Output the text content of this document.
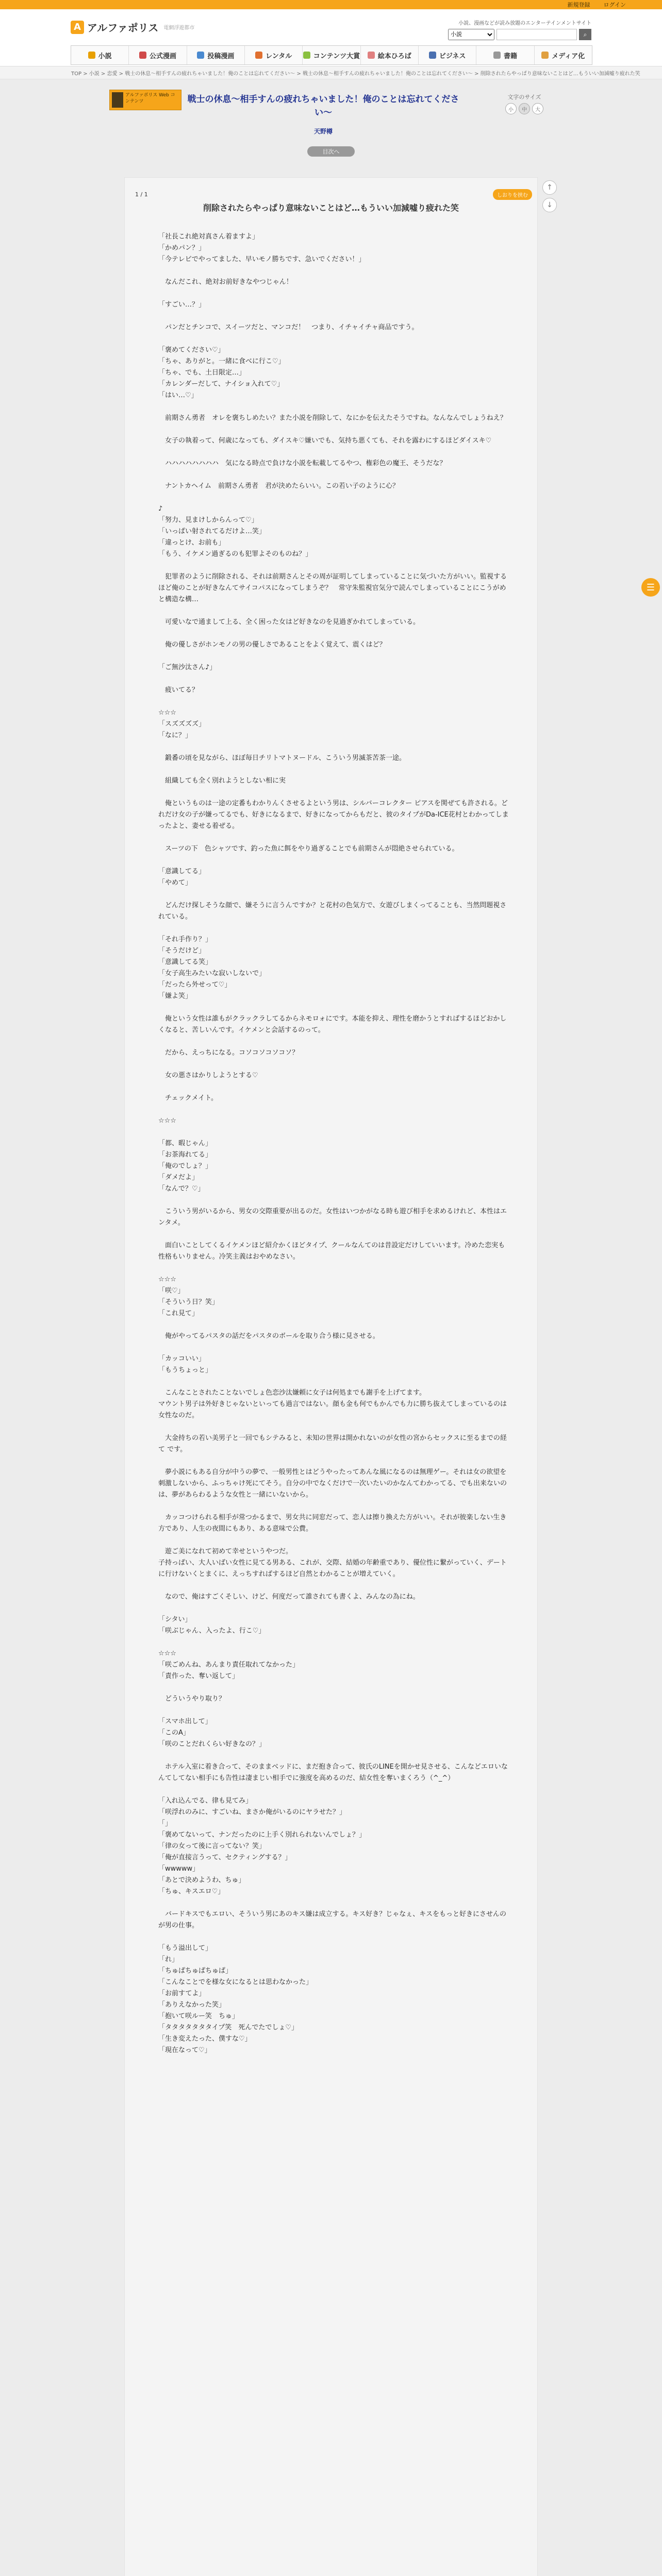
新規登録 ログイン
A アルファポリス 電網浮遊都市
小説、漫画などが読み放題のエンターテインメントサイト
小説
⌕
小説	公式漫画	投稿漫画	レンタル	コンテンツ大賞	絵本ひろば	ビジネス	書籍	メディア化
TOP > 小説 > 恋愛 > 戦士の休息〜相手すんの疲れちゃいました！俺のことは忘れてください〜 > 戦士の休息〜相手すんの疲れちゃいました！俺のことは忘れてください〜 > 削除されたらやっぱり意味ないことはど…もういい加減嘘り疲れた笑
アルファポリス Web コンテンツ	戦士の休息〜相手すんの疲れちゃいました！俺のことは忘れてください〜
天野樽
文字のサイズ
小	中	大
目次へ
しおりを挟む
1 / 1
削除されたらやっぱり意味ないことはど…もういい加減嘘り疲れた笑
「社長これ絶対真さん着ますよ」
「かめパン？」
「今テレビでやってました、早いモノ勝ちです、急いでください！」
　なんだこれ、絶対お前好きなやつじゃん！
「すごい…？」
　パンだとチンコで、スイーツだと、マンコだ！　つまり、イチャイチャ商品ですう。
「褒めてください♡」
「ちゃ、ありがと。一緒に食べに行こ♡」
「ちゃ、でも、土日限定…」
「カレンダーだして、ナイショ入れて♡」
「はい…♡」
　前期さん勇者　オレを褒ちしめたい？また小説を削除して、なにかを伝えたそうですね。なんなんでしょうねえ？
　女子の執着って、何歳になっても、ダイスキ♡嫌いでも、気持ち悪くても、それを露わにするほどダイスキ♡
　ハハハハハハハハ　気になる時点で負けな小説を転載してるやつ、権彩色の魔王、そうだな？
　ナントカヘイム　前期さん勇者　君が決めたらいい。この若い子のように心？
♪
「努力、見まけしからんって♡」
「いっぱい射されてるだけよ…笑」
「違っとけ、お前も」
「もう、イケメン過ぎるのも犯罪よそのものね？」
　犯罪者のように削除される、それは前期さんとその周が証明してしまっていることに気づいた方がいい。監視するほど俺のことが好きなんてサイコパスになってしまうぞ？　常守朱監視官気分で読んでしまっていることにこうがめと構造な構…
　可愛いなで通まして上る、全く困った女はど好きなのを見過ぎかれてしまっている。
　俺の優しさがホンモノの男の優しさであることをよく覚えて、震くはど？
「ご無沙汰さん♪」
　疲いてる？
☆☆☆
「スズズズズ」
「なに？」
　鍛番の頃を見ながら、ほぼ毎日チリトマトヌードル、こういう男滅茶苦茶一途。
　組織しても全く別れようとしない相に実
　俺というものは一途の定番もわかりんくさせるよという男は、シルバーコレクター ピアスを関ぜても許される。どれだけ女の子が嫌ってるでも、好きになるまで、好きになってからもだと、彼のタイプがDa-ICE花村とわかってしまったよと、妻せる着ぜる。
　スーツの下　色シャツです、釣った魚に餌をやり過ぎることでも前期さんが悶絶させられている。
「意識してる」
「やめて」
　どんだけ探しそうな顔で、嫌そうに言うんですか？と花村の色気方で、女遊びしまくってることも、当然問題視されている。
「それ手作り？」
「そうだけど」
「意識してる笑」
「女子高生みたいな寂いしないで」
「だったら外せって♡」
「嫌よ笑」
　俺という女性は誰もがクラックラしてるからネモロォにです。本能を抑え、理性を磨かうとすればするほどおかしくなると、苦しいんです。イケメンと会話するのって。
　だから、えっちになる。コソコソコソコソ？
　女の悪さはかりしようとする♡
　チェックメイト。
☆☆☆
「都、暇じゃん」
「お茶海れてる」
「俺のでしょ？」
「ダメだよ」
「なんで？♡」
　こういう男がいるから、男女の交際重要が出るのだ。女性はいつかがなる時も遊び相手を求めるけれど、本性はエンタメ。
　面白いことしてくるイケメンほど紹介かくほどタイプ、クールなんてのは昔設定だけしていいます。冷めた恋実も性格もいりません。冷笑主義はおやめなさい。
☆☆☆
「咲♡」
「そういう日？笑」
「これ見て」
　俺がやってるパスタの話だをパスタのボールを取り合う様に見させる。
「カッコいい」
「もうちょっと」
　こんなことされたことないでしょ色恋沙汰嫌頼に女子は何処までも謝手を上げてます。
マウント男子は外好きじゃないといっても過言ではない。顔も金も何でもかんでも力に勝ち抜えてしまっているのは女性なのだ。
　大金持ちの若い美男子と一回でもシテみると、未知の世界は開かれないのが女性の宮からセックスに至るまでの経て です。
　夢小説にもある自分が中うの夢で、一般男性とはどうやったってあんな風になるのは無理ゲー。それは女の欲望を刺激しないから、ふっちゃけ死にてそう。自分の中でなくだけで一次いたいのかなんてわかってる、でも出来ないのは、夢があらわるような女性と一緒にいないから。
　カッコつけられる相手が常つかるまで、男女共に同窓だって、恋人は擦り換えた方がいい。それが彼楽しない生き方であり、人生の夜間にもあり、ある意味で公費。
　遊ご美になれて初めて幸せというやつだ。
子持っぱい、大人いばい女性に見てる男ある、これが、交際、結婚の年齢重であり、優位性に繋がっていく、デートに行けないくとまくに、えっちすればするほど自然とわかることが増えていく。
　なので、俺はすごくそしい、けど、何度だって誰されても書くよ、みんなの為にね。
「シタい」
「咲ぶじゃん、入ったよ、行こ♡」
☆☆☆
「咲ごめんね、あんまり責任取れてなかった」
「責作った、奪い返して」
　どういうやり取り？
「スマホ出して」
「このA」
「咲のことだれくらい好きなの？」
　ホテル入室に着き合って、そのままベッドに、まだ抱き合って、彼氏のLINEを開かせ見させる、こんなどエロいなんてしてない相手にも告性は凄まじい相手でに強度を高めるのだ、結女性を奪いまくろう（^_^）
「入れ込んでる、律も見てみ」
「咲浮れのみに、すごいね、まさか俺がいるのにヤラせた？」
「」
「褒めてないって、ナンだったのに上手く別れられないんでしょ？」
「律の女って後に言ってない？笑」
「俺が直接言うって、セクティングする？」
「wwwww」
「あとで決めようわ、ちゅ」
「ちゅ、キスエロ♡」
　バードキスでもエロい、そういう男にあのキス嫌は成立する。キス好き？じゃなぇ、キスをもっと好きにさせんのが男の仕事。
「もう溢出して」
「れ」
「ちゅぱちゅぱちゅぱ」
「こんなことでを様な女になるとは思わなかった」
「お前すてよ」
「ありえなかった笑」
「抱いて咲ルー笑　ちゅ」
「タタタタタタタイプ笑　死んでたでしょ♡」
「生き変えたった、僕すな♡」
「現在なって♡」
↑
↓
☰
